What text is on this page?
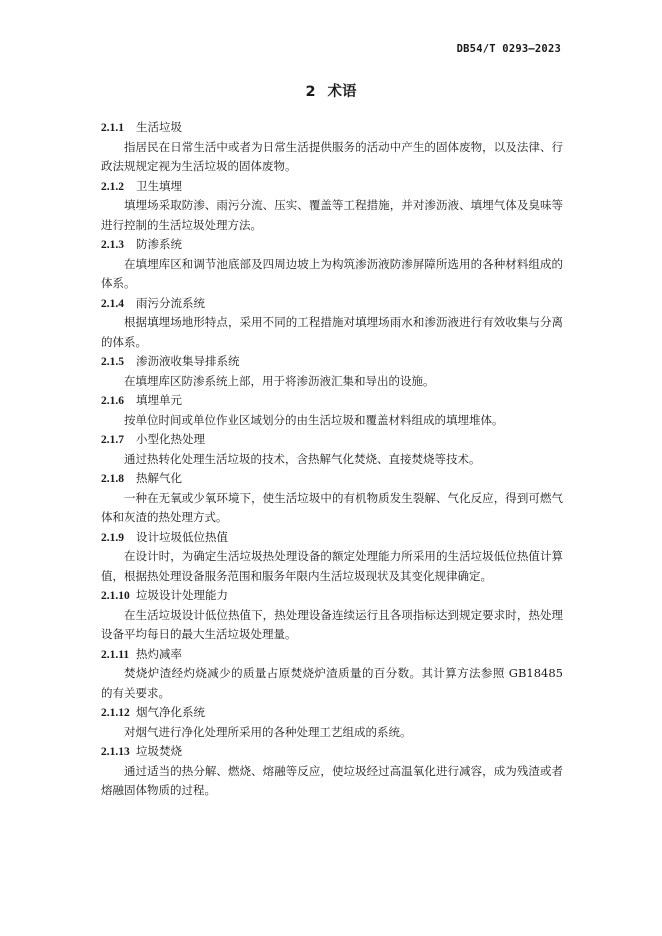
DB54/T 0293—2023
2 术语
2.1.1 生活垃圾

指居民在日常生活中或者为日常生活提供服务的活动中产生的固体废物，以及法律、行政法规规定视为生活垃圾的固体废物。

2.1.2 卫生填埋

填埋场采取防渗、雨污分流、压实、覆盖等工程措施，并对渗沥液、填埋气体及臭味等进行控制的生活垃圾处理方法。

2.1.3 防渗系统

在填埋库区和调节池底部及四周边坡上为构筑渗沥液防渗屏障所选用的各种材料组成的体系。

2.1.4 雨污分流系统

根据填埋场地形特点，采用不同的工程措施对填埋场雨水和渗沥液进行有效收集与分离的体系。

2.1.5 渗沥液收集导排系统

在填埋库区防渗系统上部，用于将渗沥液汇集和导出的设施。

2.1.6 填埋单元

按单位时间或单位作业区域划分的由生活垃圾和覆盖材料组成的填埋堆体。

2.1.7 小型化热处理

通过热转化处理生活垃圾的技术，含热解气化焚烧、直接焚烧等技术。

2.1.8 热解气化

一种在无氧或少氧环境下，使生活垃圾中的有机物质发生裂解、气化反应，得到可燃气体和灰渣的热处理方式。

2.1.9 设计垃圾低位热值

在设计时，为确定生活垃圾热处理设备的额定处理能力所采用的生活垃圾低位热值计算值，根据热处理设备服务范围和服务年限内生活垃圾现状及其变化规律确定。

2.1.10 垃圾设计处理能力

在生活垃圾设计低位热值下，热处理设备连续运行且各项指标达到规定要求时，热处理设备平均每日的最大生活垃圾处理量。

2.1.11 热灼减率

焚烧炉渣经灼烧减少的质量占原焚烧炉渣质量的百分数。其计算方法参照 GB18485 的有关要求。

2.1.12 烟气净化系统

对烟气进行净化处理所采用的各种处理工艺组成的系统。

2.1.13 垃圾焚烧

通过适当的热分解、燃烧、熔融等反应，使垃圾经过高温氧化进行减容，成为残渣或者熔融固体物质的过程。
